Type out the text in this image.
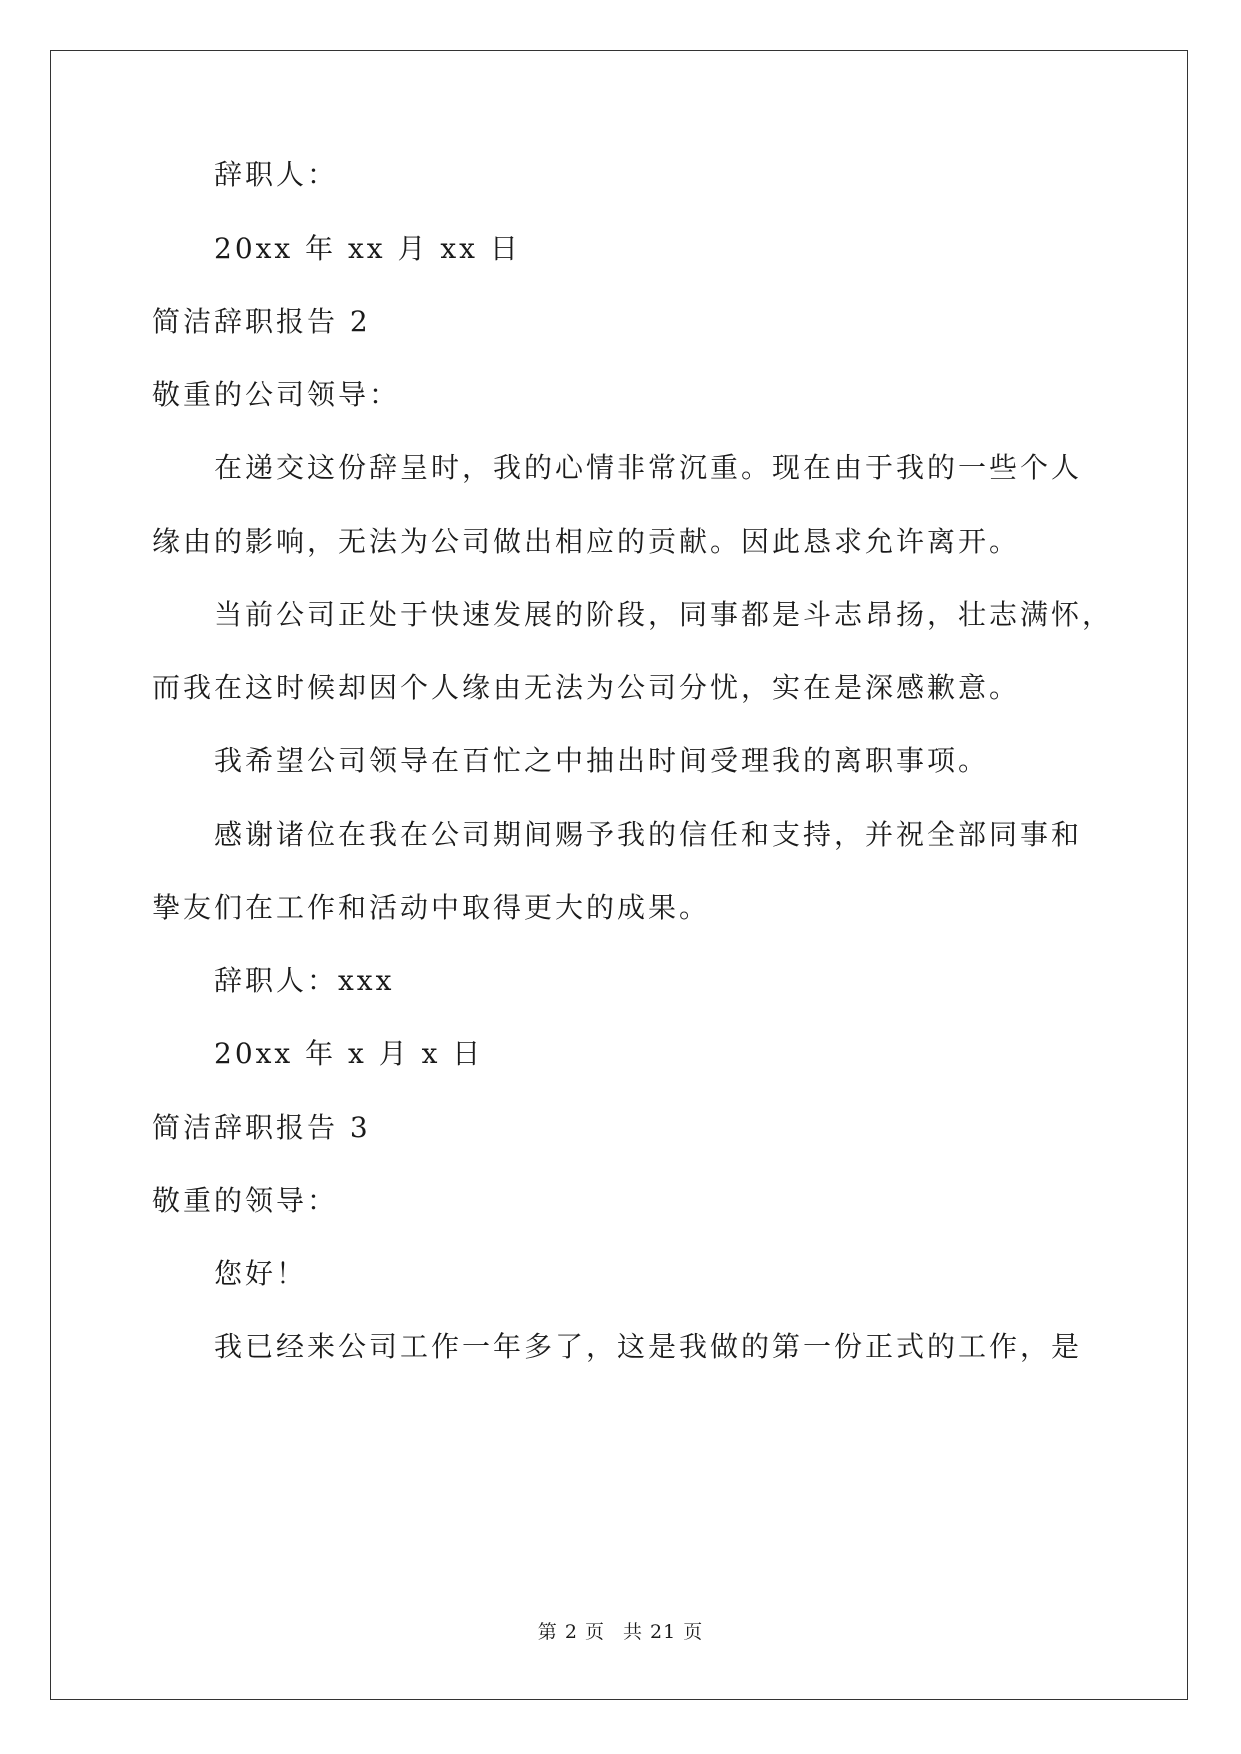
辞职人：
20xx 年 xx 月 xx 日
简洁辞职报告 2
敬重的公司领导：
在递交这份辞呈时，我的心情非常沉重。现在由于我的一些个人
缘由的影响，无法为公司做出相应的贡献。因此恳求允许离开。
当前公司正处于快速发展的阶段，同事都是斗志昂扬，壮志满怀，
而我在这时候却因个人缘由无法为公司分忧，实在是深感歉意。
我希望公司领导在百忙之中抽出时间受理我的离职事项。
感谢诸位在我在公司期间赐予我的信任和支持，并祝全部同事和
挚友们在工作和活动中取得更大的成果。
辞职人：xxx
20xx 年 x 月 x 日
简洁辞职报告 3
敬重的领导：
您好！
我已经来公司工作一年多了，这是我做的第一份正式的工作，是
第 2 页 共 21 页
